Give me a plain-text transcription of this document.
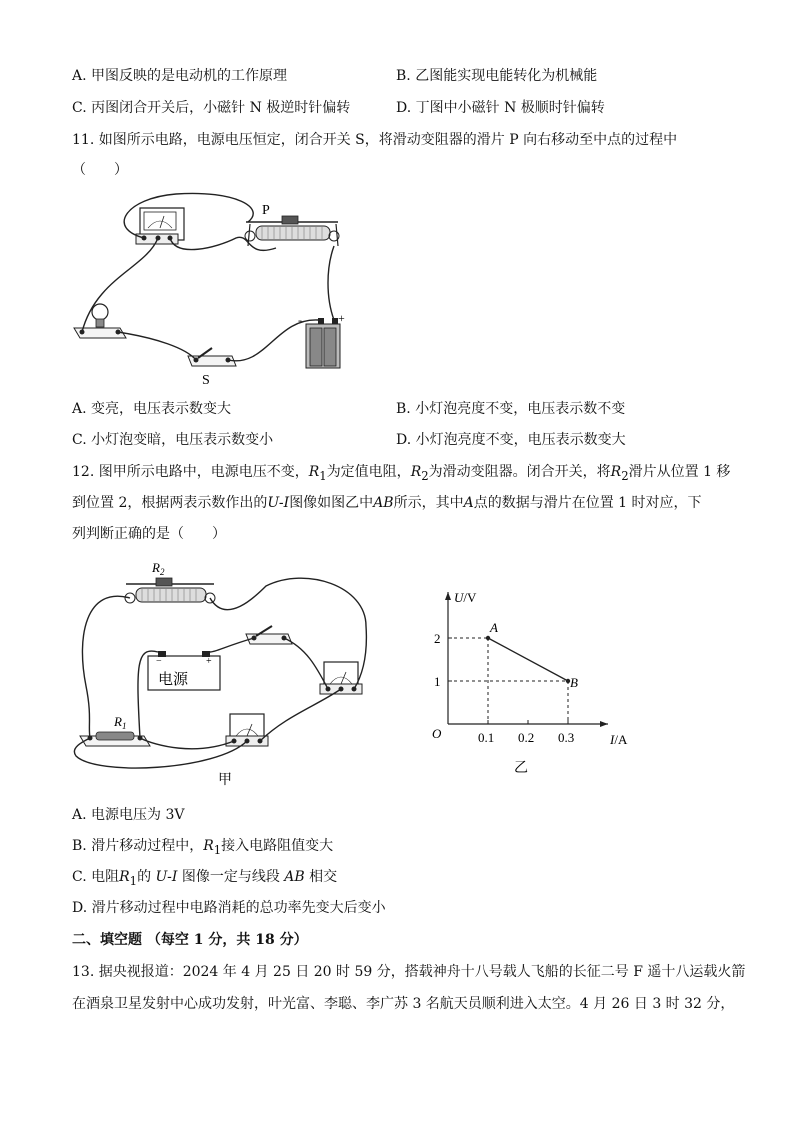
A. 甲图反映的是电动机的工作原理	B. 乙图能实现电能转化为机械能
C. 丙图闭合开关后，小磁针 N 极逆时针偏转	D. 丁图中小磁针 N 极顺时针偏转
11. 如图所示电路，电源电压恒定，闭合开关 S，将滑动变阻器的滑片 P 向右移动至中点的过程中
（　　）
P
S
-	+
A. 变亮，电压表示数变大	B. 小灯泡亮度不变，电压表示数不变
C. 小灯泡变暗，电压表示数变小	D. 小灯泡亮度不变，电压表示数变大
12. 图甲所示电路中，电源电压不变，$R_1$为定值电阻，$R_2$为滑动变阻器。闭合开关，将$R_2$滑片从位置 1 移
到位置 2，根据两表示数作出的U-I图像如图乙中AB所示，其中A点的数据与滑片在位置 1 时对应，下
列判断正确的是（　　）
$R_2$
−	+
电源
$R_1$
甲
U/V
I/A
O	0.1 0.2 0.3
1
2
A
B
乙
A. 电源电压为 3V
B. 滑片移动过程中，$R_1$接入电路阻值变大
C. 电阻$R_1$的 U-I 图像一定与线段 AB 相交
D. 滑片移动过程中电路消耗的总功率先变大后变小
二、填空题 （每空 1 分，共 18 分）
13. 据央视报道：2024 年 4 月 25 日 20 时 59 分，搭载神舟十八号载人飞船的长征二号 F 遥十八运载火箭
在酒泉卫星发射中心成功发射，叶光富、李聪、李广苏 3 名航天员顺利进入太空。4 月 26 日 3 时 32 分，
